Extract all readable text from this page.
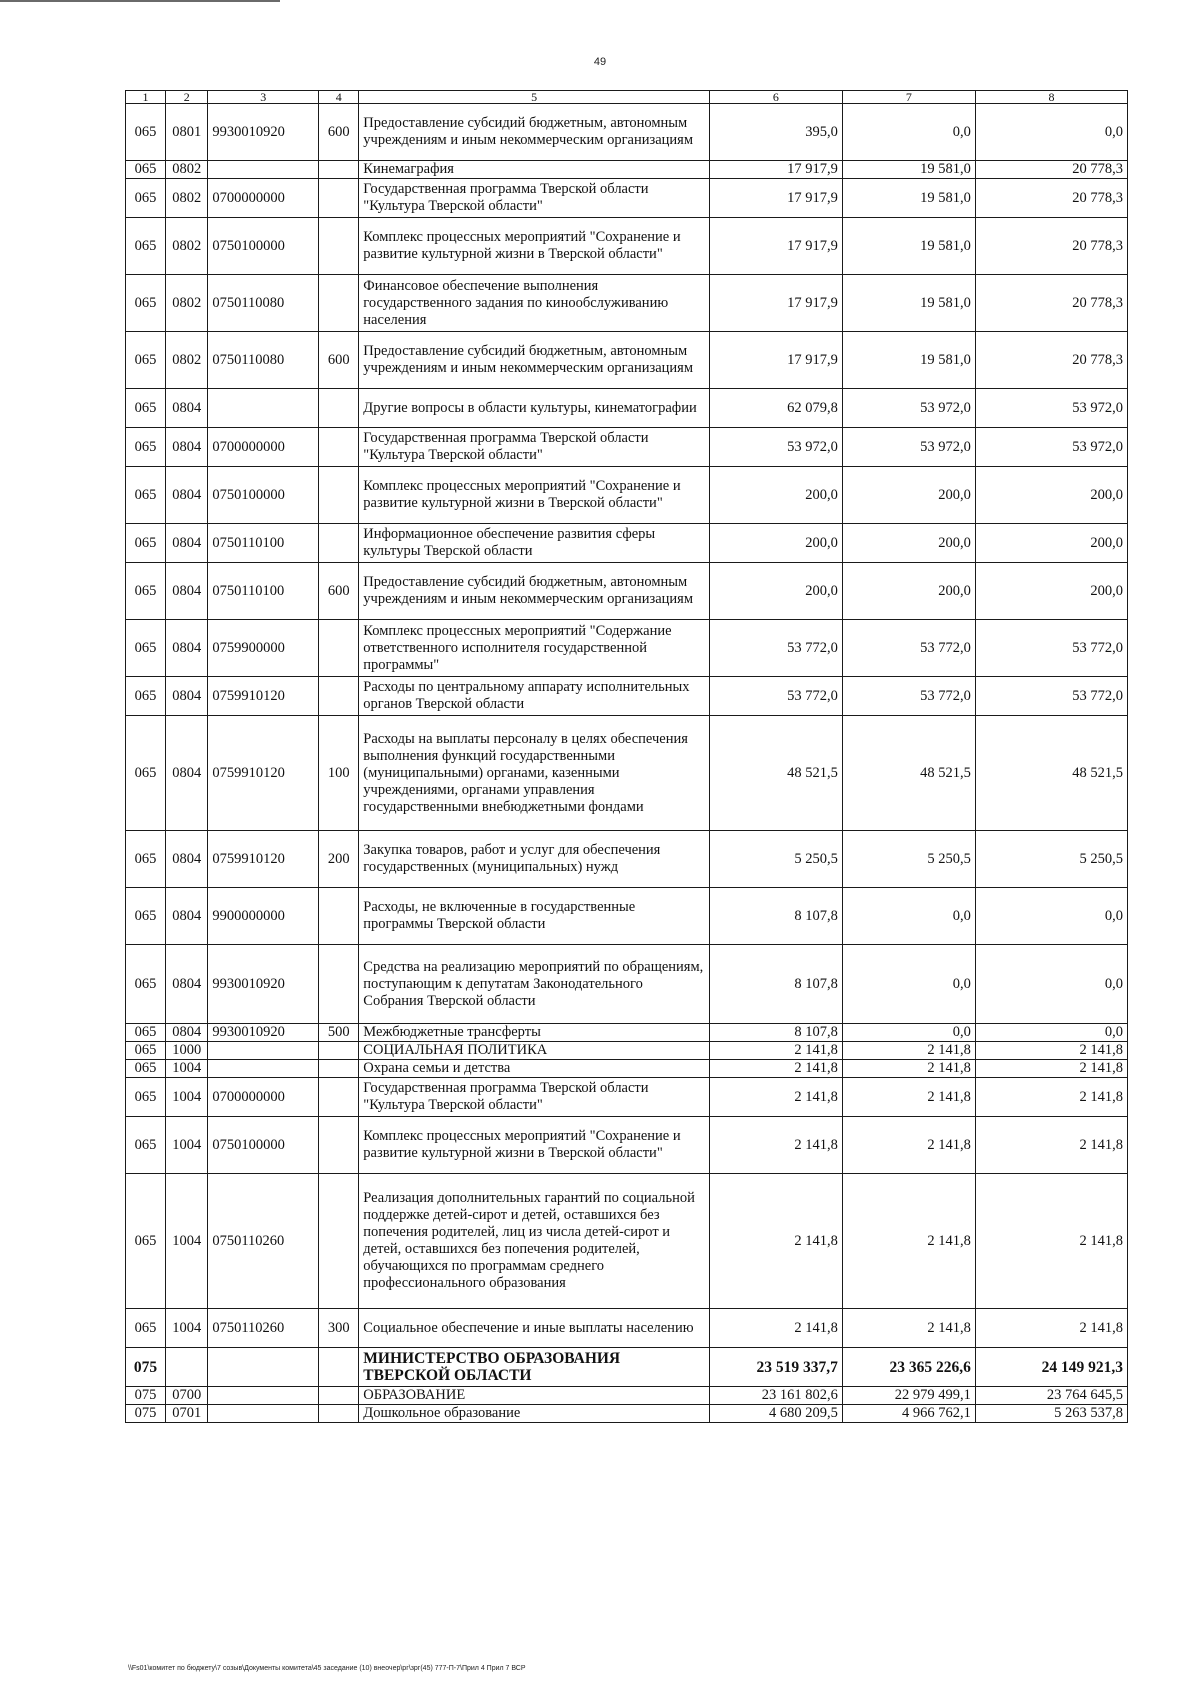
49
1	2	3	4	5	6	7	8
065	0801	9930010920	600	Предоставление субсидий бюджетным, автономным учреждениям и иным некоммерческим организациям	395,0	0,0	0,0
065	0802			Кинемаграфия	17 917,9	19 581,0	20 778,3
065	0802	0700000000		Государственная программа Тверской области "Культура Тверской области"	17 917,9	19 581,0	20 778,3
065	0802	0750100000		Комплекс процессных мероприятий "Сохранение и развитие культурной жизни в Тверской области"	17 917,9	19 581,0	20 778,3
065	0802	0750110080		Финансовое обеспечение выполнения государственного задания по кинообслуживанию населения	17 917,9	19 581,0	20 778,3
065	0802	0750110080	600	Предоставление субсидий бюджетным, автономным учреждениям и иным некоммерческим организациям	17 917,9	19 581,0	20 778,3
065	0804			Другие вопросы в области культуры, кинематографии	62 079,8	53 972,0	53 972,0
065	0804	0700000000		Государственная программа Тверской области "Культура Тверской области"	53 972,0	53 972,0	53 972,0
065	0804	0750100000		Комплекс процессных мероприятий "Сохранение и развитие культурной жизни в Тверской области"	200,0	200,0	200,0
065	0804	0750110100		Информационное обеспечение развития сферы культуры Тверской области	200,0	200,0	200,0
065	0804	0750110100	600	Предоставление субсидий бюджетным, автономным учреждениям и иным некоммерческим организациям	200,0	200,0	200,0
065	0804	0759900000		Комплекс процессных мероприятий "Содержание ответственного исполнителя государственной программы"	53 772,0	53 772,0	53 772,0
065	0804	0759910120		Расходы по центральному аппарату исполнительных органов Тверской области	53 772,0	53 772,0	53 772,0
065	0804	0759910120	100	Расходы на выплаты персоналу в целях обеспечения выполнения функций государственными (муниципальными) органами, казенными учреждениями, органами управления государственными внебюджетными фондами	48 521,5	48 521,5	48 521,5
065	0804	0759910120	200	Закупка товаров, работ и услуг для обеспечения государственных (муниципальных) нужд	5 250,5	5 250,5	5 250,5
065	0804	9900000000		Расходы, не включенные в государственные программы Тверской области	8 107,8	0,0	0,0
065	0804	9930010920		Средства на реализацию мероприятий по обращениям, поступающим к депутатам Законодательного Собрания Тверской области	8 107,8	0,0	0,0
065	0804	9930010920	500	Межбюджетные трансферты	8 107,8	0,0	0,0
065	1000			СОЦИАЛЬНАЯ ПОЛИТИКА	2 141,8	2 141,8	2 141,8
065	1004			Охрана семьи и детства	2 141,8	2 141,8	2 141,8
065	1004	0700000000		Государственная программа Тверской области "Культура Тверской области"	2 141,8	2 141,8	2 141,8
065	1004	0750100000		Комплекс процессных мероприятий "Сохранение и развитие культурной жизни в Тверской области"	2 141,8	2 141,8	2 141,8
065	1004	0750110260		Реализация дополнительных гарантий по социальной поддержке детей-сирот и детей, оставшихся без попечения родителей, лиц из числа детей-сирот и детей, оставшихся без попечения родителей, обучающихся по программам среднего профессионального образования	2 141,8	2 141,8	2 141,8
065	1004	0750110260	300	Социальное обеспечение и иные выплаты населению	2 141,8	2 141,8	2 141,8
075				МИНИСТЕРСТВО ОБРАЗОВАНИЯ ТВЕРСКОЙ ОБЛАСТИ	23 519 337,7	23 365 226,6	24 149 921,3
075	0700			ОБРАЗОВАНИЕ	23 161 802,6	22 979 499,1	23 764 645,5
075	0701			Дошкольное образование	4 680 209,5	4 966 762,1	5 263 537,8
\\Fs01\комитет по бюджету\7 созыв\Документы комитета\45 заседание (10) внеочер\рг\зрг(45) 777-П-7\Прил 4 Прил 7 ВСР
